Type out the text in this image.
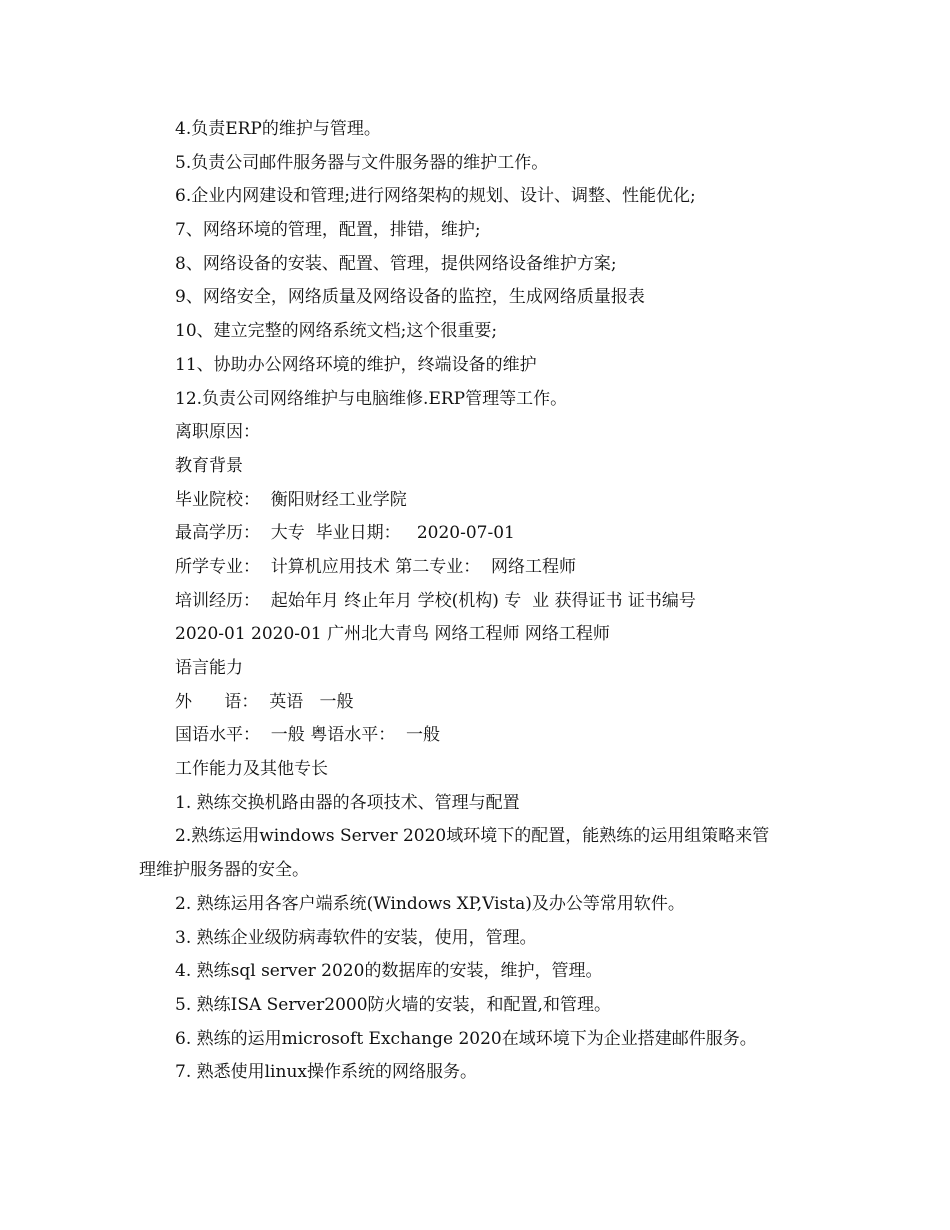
4.负责ERP的维护与管理。
5.负责公司邮件服务器与文件服务器的维护工作。
6.企业内网建设和管理;进行网络架构的规划、设计、调整、性能优化;
7、网络环境的管理，配置，排错，维护;
8、网络设备的安装、配置、管理，提供网络设备维护方案;
9、网络安全，网络质量及网络设备的监控，生成网络质量报表
10、建立完整的网络系统文档;这个很重要;
11、协助办公网络环境的维护，终端设备的维护
12.负责公司网络维护与电脑维修.ERP管理等工作。
离职原因：
教育背景
毕业院校：  衡阳财经工业学院
最高学历：  大专  毕业日期：   2020-07-01
所学专业：  计算机应用技术 第二专业：  网络工程师
培训经历：  起始年月 终止年月 学校(机构) 专  业 获得证书 证书编号
2020-01 2020-01 广州北大青鸟 网络工程师 网络工程师
语言能力
外      语：  英语   一般
国语水平：  一般 粤语水平：  一般
工作能力及其他专长
1. 熟练交换机路由器的各项技术、管理与配置
2.熟练运用windows Server 2020域环境下的配置，能熟练的运用组策略来管
理维护服务器的安全。
2. 熟练运用各客户端系统(Windows XP,Vista)及办公等常用软件。
3. 熟练企业级防病毒软件的安装，使用，管理。
4. 熟练sql server 2020的数据库的安装，维护，管理。
5. 熟练ISA Server2000防火墙的安装，和配置,和管理。
6. 熟练的运用microsoft Exchange 2020在域环境下为企业搭建邮件服务。
7. 熟悉使用linux操作系统的网络服务。
